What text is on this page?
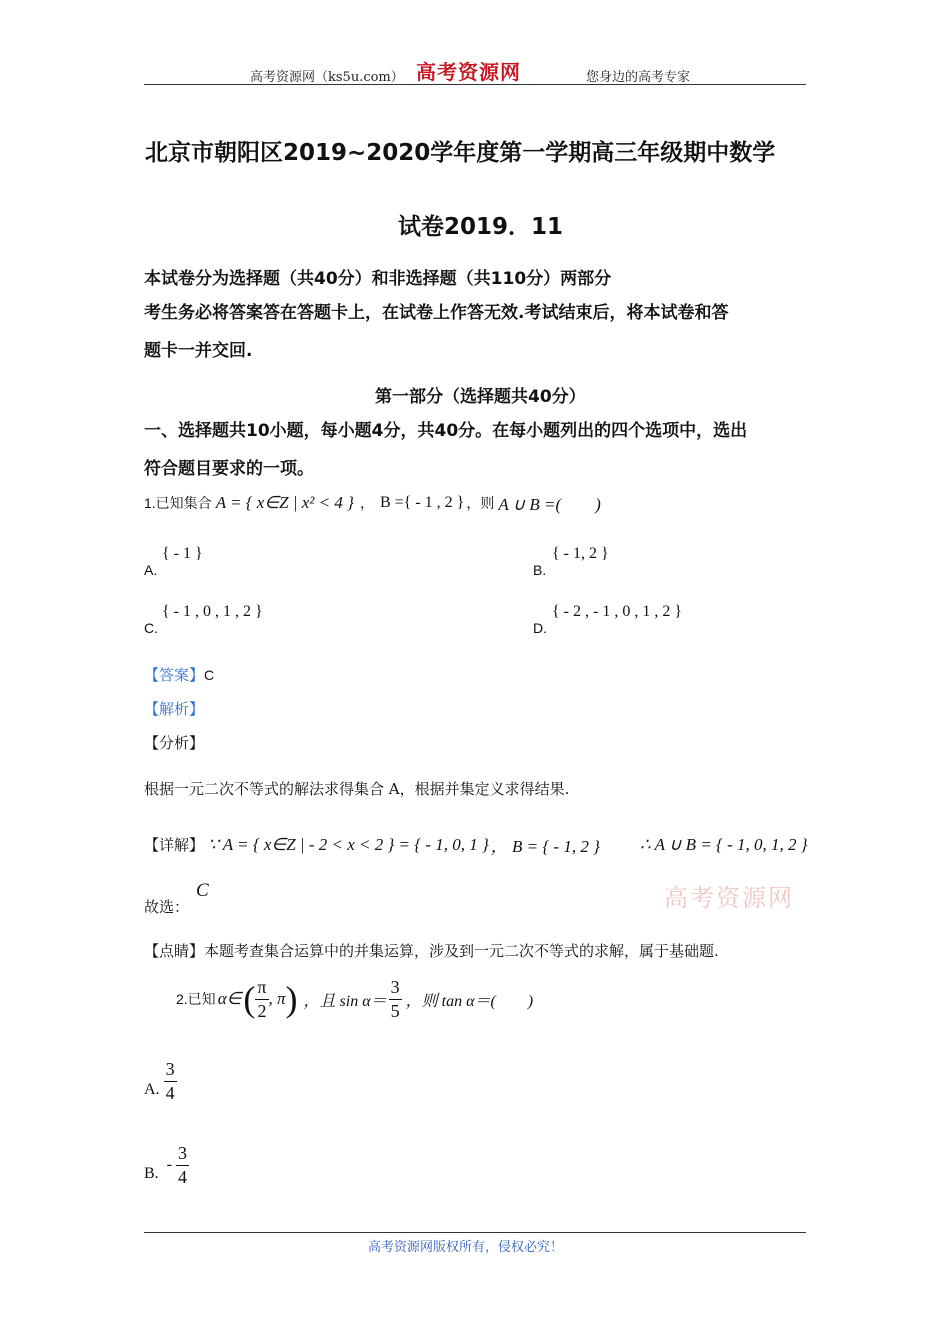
高考资源网（ks5u.com） 高考资源网	您身边的高考专家
北京市朝阳区2019~2020学年度第一学期高三年级期中数学
试卷2019．11
本试卷分为选择题（共40分）和非选择题（共110分）两部分
考生务必将答案答在答题卡上，在试卷上作答无效.考试结束后，将本试卷和答
题卡一并交回.
第一部分（选择题共40分）
一、选择题共10小题，每小题4分，共40分。在每小题列出的四个选项中，选出
符合题目要求的一项。
1.已知集合 A = { x∈Z | x² < 4 } ， B ={ - 1 , 2 } ，则 A ∪ B =(　　)
A.
{ - 1 }
B.
{ - 1, 2 }
C.
{ - 1 , 0 , 1 , 2 }
D.
{ - 2 , - 1 , 0 , 1 , 2 }
【答案】C
【解析】
【分析】
根据一元二次不等式的解法求得集合 A，根据并集定义求得结果.
【详解】 ∵ A = { x∈Z | - 2 < x < 2 } = { - 1, 0, 1 } ， B = { - 1, 2 } ∴ A ∪ B = { - 1, 0, 1, 2 }
故选：
C	高考资源网
【点睛】本题考查集合运算中的并集运算，涉及到一元二次不等式的求解，属于基础题.
2.已知 α∈ ( $\frac{\pi}{2}$ , π ) ，且 $\sin \alpha= \frac{3}{5}$ ，则 tan α＝(　　)
A. $\frac{3}{4}$
B.
- $\frac{3}{4}$
高考资源网版权所有，侵权必究！
